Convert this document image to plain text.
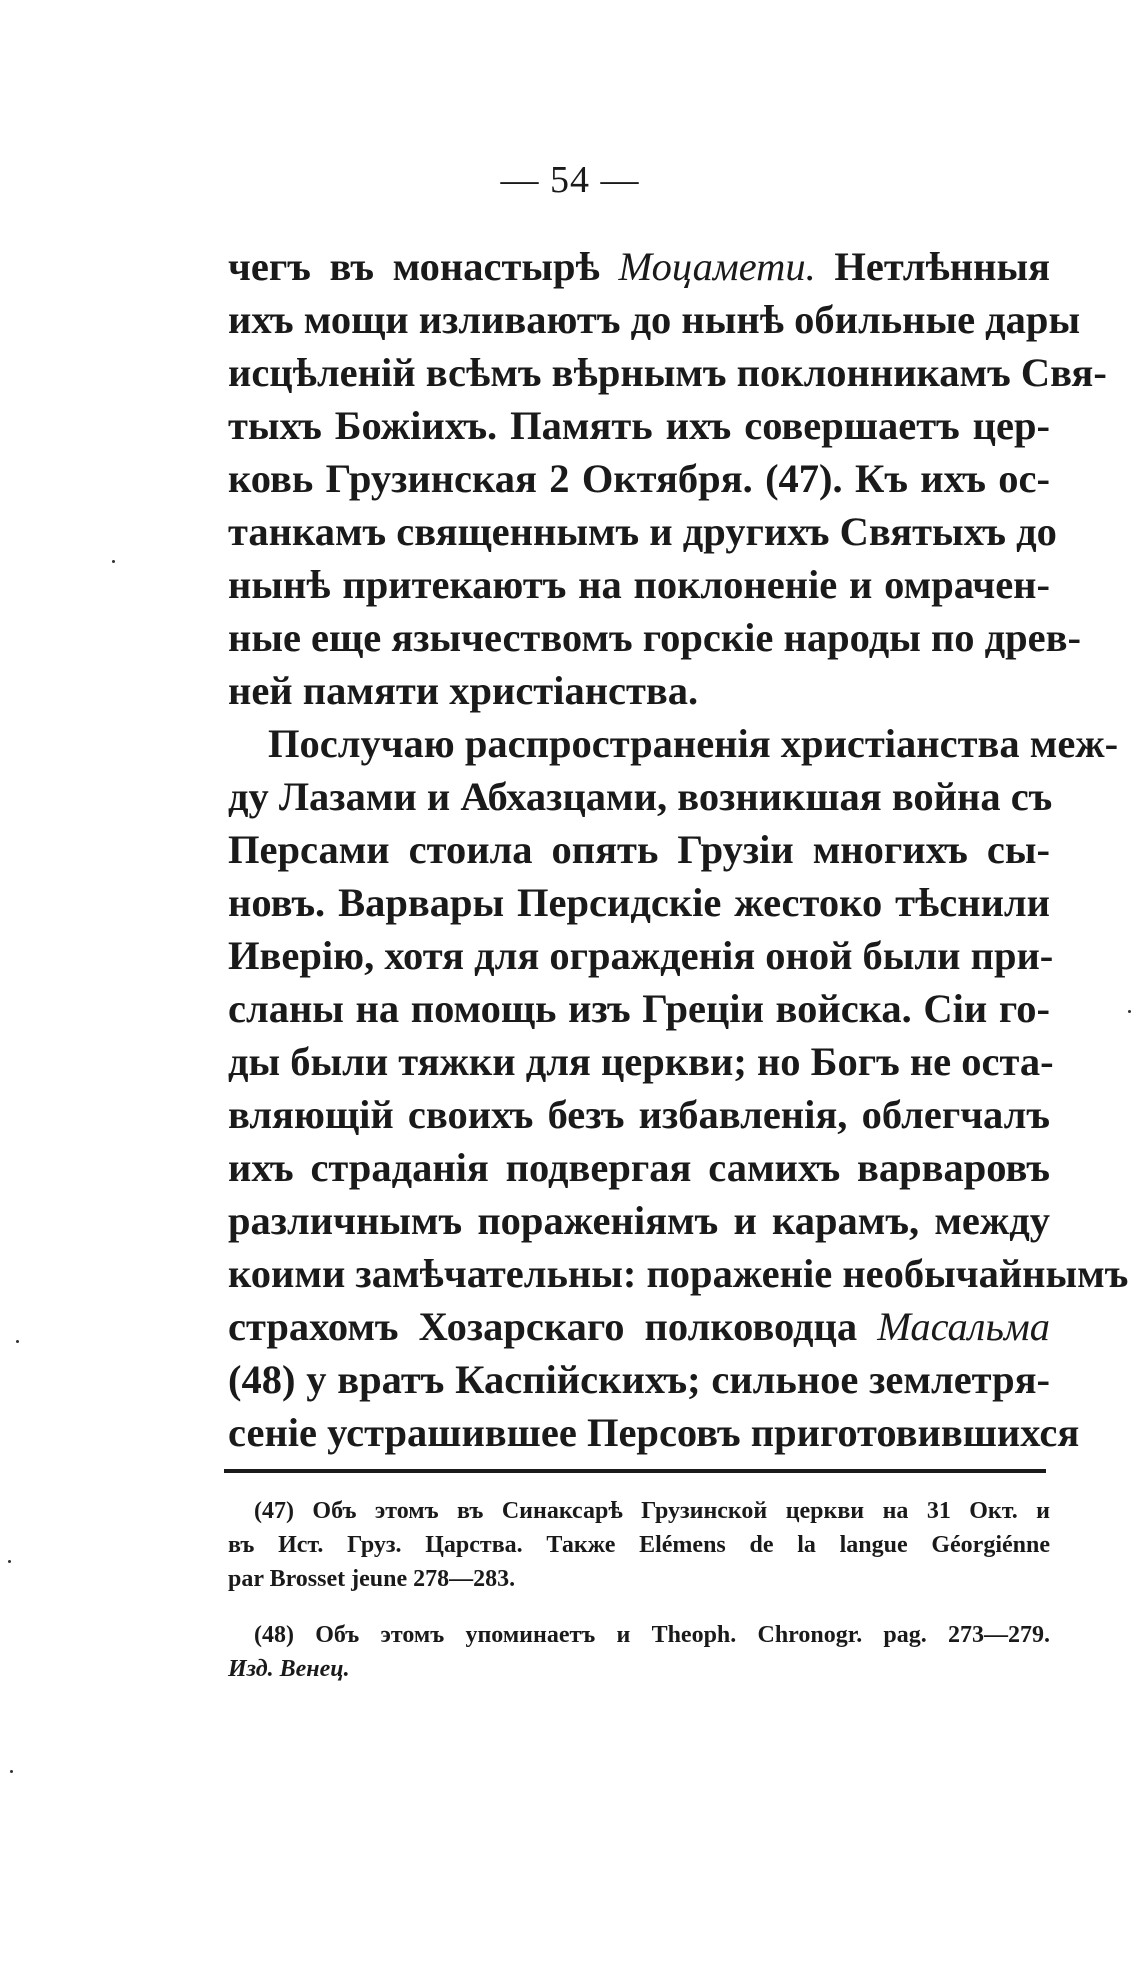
— 54 —
чегъ въ монастырѣ Моцамети. Нетлѣнныя
ихъ мощи изливаютъ до нынѣ обильные дары
исцѣленій всѣмъ вѣрнымъ поклонникамъ Свя-
тыхъ Божіихъ. Память ихъ совершаетъ цер-
ковь Грузинская 2 Октября. (47). Къ ихъ ос-
танкамъ священнымъ и другихъ Святыхъ до
нынѣ притекаютъ на поклоненіе и омрачен-
ные еще язычествомъ горскіе народы по древ-
ней памяти христіанства.
Послучаю распространенія христіанства меж-
ду Лазами и Абхазцами, возникшая война съ
Персами стоила опять Грузіи многихъ сы-
новъ. Варвары Персидскіе жестоко тѣснили
Иверію, хотя для огражденія оной были при-
сланы на помощь изъ Греціи войска. Сіи го-
ды были тяжки для церкви; но Богъ не оста-
вляющій своихъ безъ избавленія, облегчалъ
ихъ страданія подвергая самихъ варваровъ
различнымъ пораженіямъ и карамъ, между
коими замѣчательны: пораженіе необычайнымъ
страхомъ Хозарскаго полководца Масальма
(48) у вратъ Каспійскихъ; сильное землетря-
сеніе устрашившее Персовъ приготовившихся
(47) Объ этомъ въ Синаксарѣ Грузинской церкви на 31 Окт. и
въ Ист. Груз. Царства. Также Elémens de la langue Géorgiénne
par Brosset jeune 278—283.
(48) Объ этомъ упоминаетъ и Theoph. Chronogr. pag. 273—279.
Изд. Венец.
